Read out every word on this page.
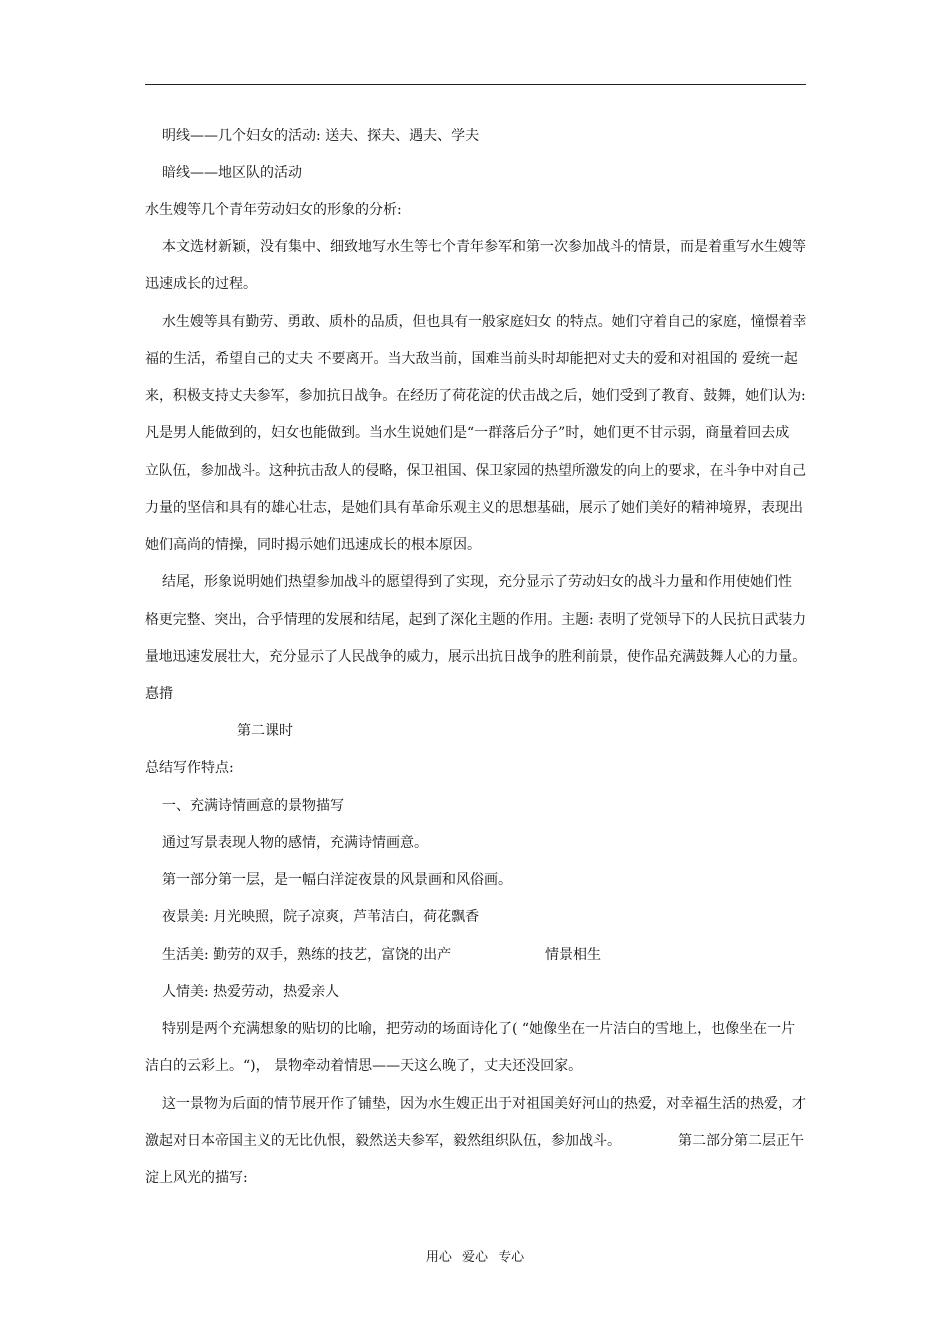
明线——几个妇女的活动: 送夫、探夫、遇夫、学夫
暗线——地区队的活动
水生嫂等几个青年劳动妇女的形象的分析:
本文选材新颖，没有集中、细致地写水生等七个青年参军和第一次参加战斗的情景，而是着重写水生嫂等
迅速成长的过程。
水生嫂等具有勤劳、勇敢、质朴的品质，但也具有一般家庭妇女 的特点。她们守着自己的家庭，憧憬着幸
福的生活，希望自己的丈夫 不要离开。当大敌当前，国难当前头时却能把对丈夫的爱和对祖国的 爱统一起
来，积极支持丈夫参军，参加抗日战争。在经历了荷花淀的伏击战之后，她们受到了教育、鼓舞，她们认为:
凡是男人能做到的，妇女也能做到。当水生说她们是“一群落后分子”时，她们更不甘示弱，商量着回去成
立队伍，参加战斗。这种抗击敌人的侵略，保卫祖国、保卫家园的热望所激发的向上的要求，在斗争中对自己
力量的坚信和具有的雄心壮志，是她们具有革命乐观主义的思想基础，展示了她们美好的精神境界，表现出
她们高尚的情操，同时揭示她们迅速成长的根本原因。
结尾，形象说明她们热望参加战斗的愿望得到了实现，充分显示了劳动妇女的战斗力量和作用使她们性
格更完整、突出，合乎情理的发展和结尾，起到了深化主题的作用。主题: 表明了党领导下的人民抗日武装力
量地迅速发展壮大，充分显示了人民战争的威力，展示出抗日战争的胜利前景，使作品充满鼓舞人心的力量。
惪揹
第二课时
总结写作特点:
一、充满诗情画意的景物描写
通过写景表现人物的感情，充满诗情画意。
第一部分第一层，是一幅白洋淀夜景的风景画和风俗画。
夜景美: 月光映照，院子凉爽，芦苇洁白，荷花飘香
生活美: 勤劳的双手，熟练的技艺，富饶的出产	情景相生
人情美: 热爱劳动，热爱亲人
特别是两个充满想象的贴切的比喻，把劳动的场面诗化了( “她像坐在一片洁白的雪地上，也像坐在一片
洁白的云彩上。“)， 景物牵动着情思——天这么晚了，丈夫还没回家。
这一景物为后面的情节展开作了铺垫，因为水生嫂正出于对祖国美好河山的热爱，对幸福生活的热爱，才
激起对日本帝国主义的无比仇恨，毅然送夫参军，毅然组织队伍，参加战斗。	第二部分第二层正午
淀上风光的描写:
用心 爱心 专心
